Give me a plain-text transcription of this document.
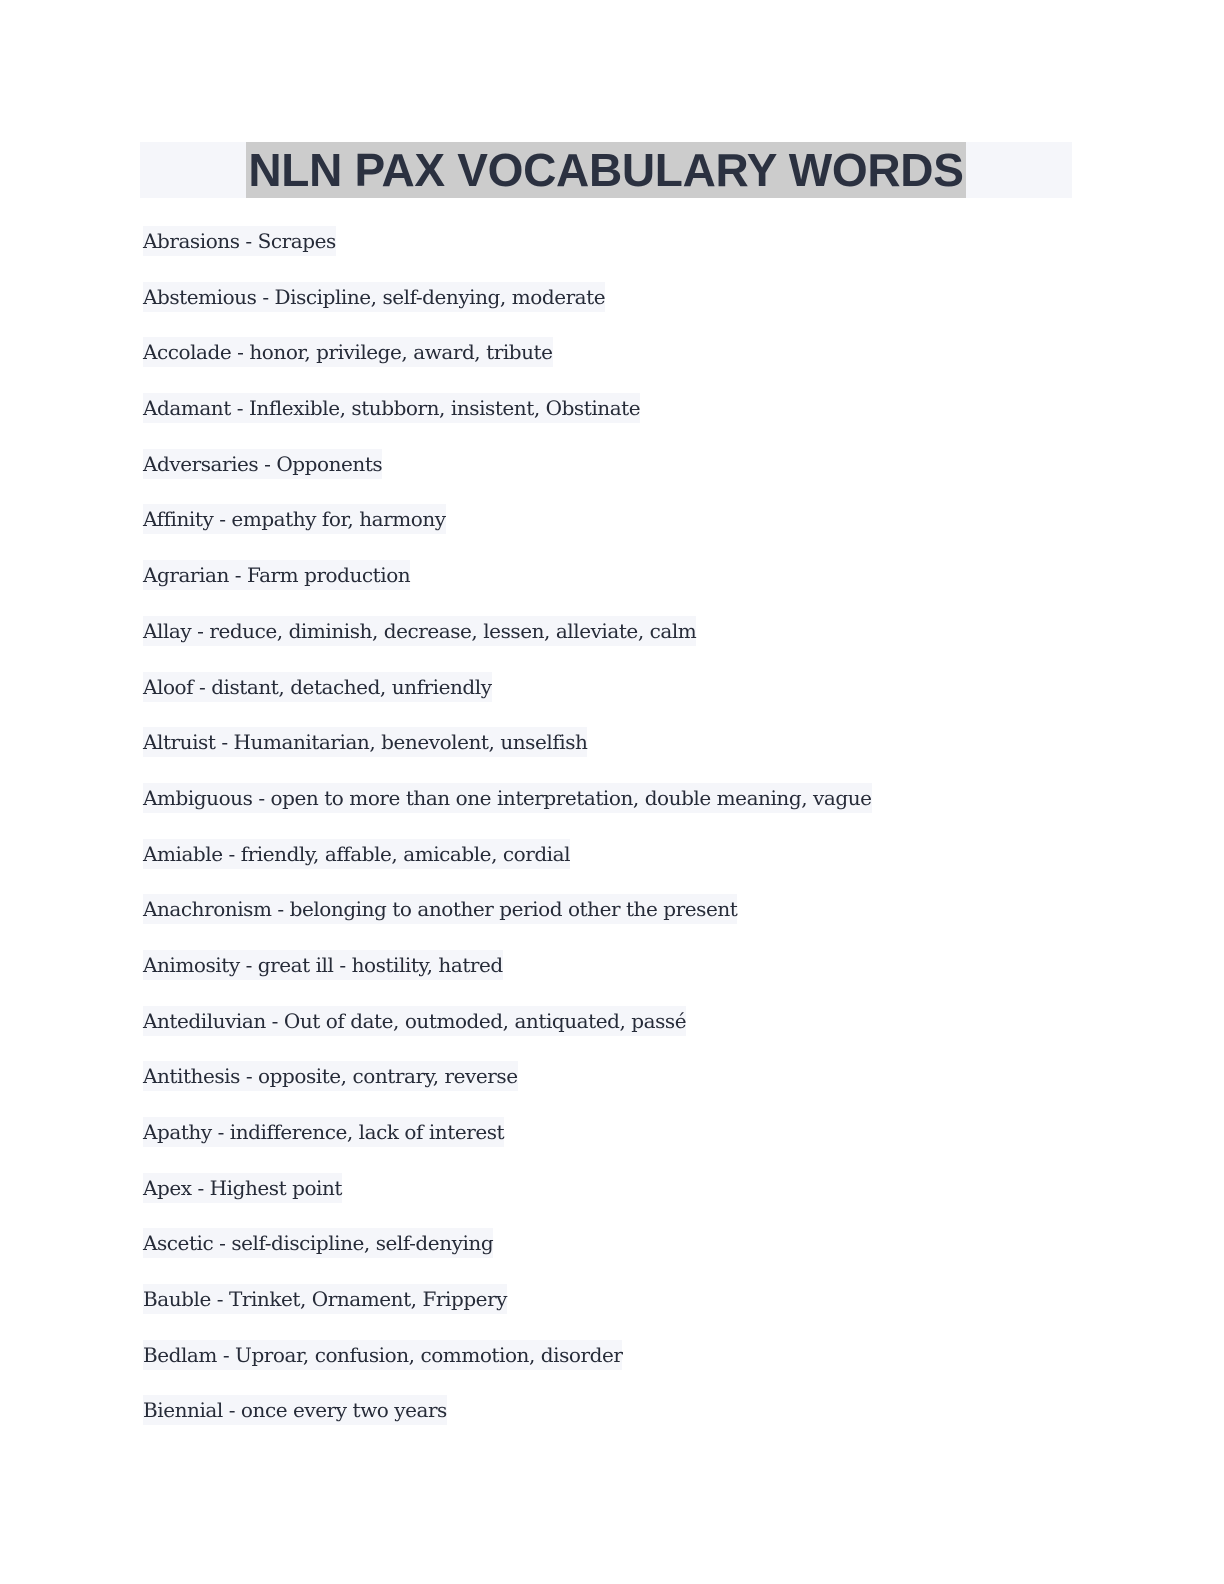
NLN PAX VOCABULARY WORDS
Abrasions - Scrapes
Abstemious - Discipline, self-denying, moderate
Accolade - honor, privilege, award, tribute
Adamant - Inflexible, stubborn, insistent, Obstinate
Adversaries - Opponents
Affinity - empathy for, harmony
Agrarian - Farm production
Allay - reduce, diminish, decrease, lessen, alleviate, calm
Aloof - distant, detached, unfriendly
Altruist - Humanitarian, benevolent, unselfish
Ambiguous - open to more than one interpretation, double meaning, vague
Amiable - friendly, affable, amicable, cordial
Anachronism - belonging to another period other the present
Animosity - great ill - hostility, hatred
Antediluvian - Out of date, outmoded, antiquated, passé
Antithesis - opposite, contrary, reverse
Apathy - indifference, lack of interest
Apex - Highest point
Ascetic - self-discipline, self-denying
Bauble - Trinket, Ornament, Frippery
Bedlam - Uproar, confusion, commotion, disorder
Biennial - once every two years
